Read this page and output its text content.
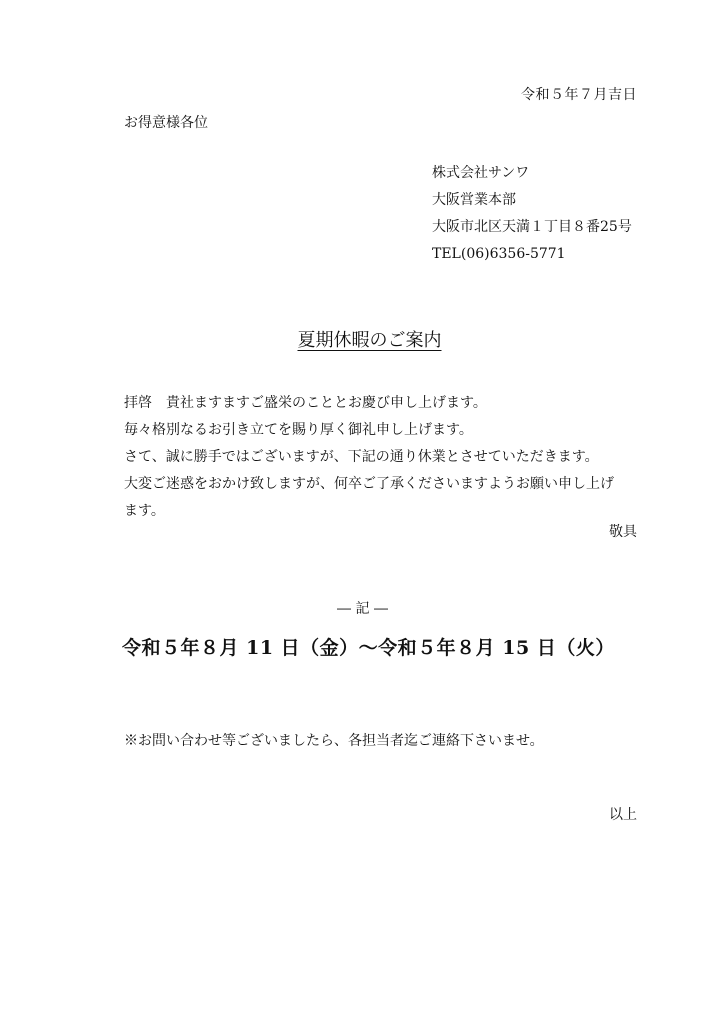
令和５年７月吉日
お得意様各位
株式会社サンワ
大阪営業本部
大阪市北区天満１丁目８番25号
TEL(06)6356-5771
夏期休暇のご案内
拝啓　貴社ますますご盛栄のこととお慶び申し上げます。
毎々格別なるお引き立てを賜り厚く御礼申し上げます。
さて、誠に勝手ではございますが、下記の通り休業とさせていただきます。
大変ご迷惑をおかけ致しますが、何卒ご了承くださいますようお願い申し上げ
ます。
敬具
― 記 ―
令和５年８月 11 日（金）～令和５年８月 15 日（火）
※お問い合わせ等ございましたら、各担当者迄ご連絡下さいませ。
以上
